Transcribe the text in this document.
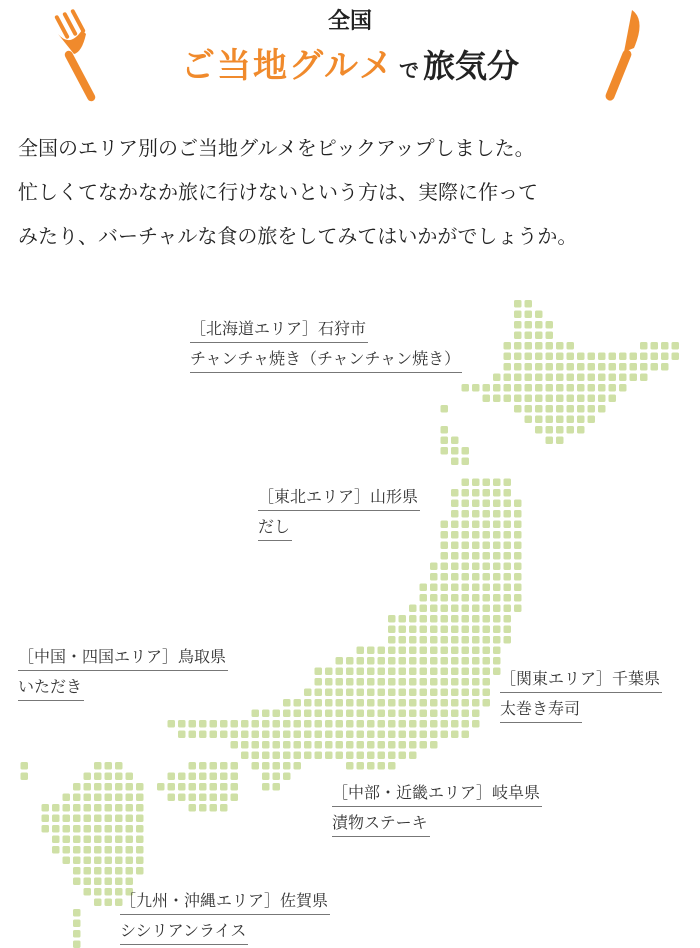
全国
ご当地グルメ で 旅気分

全国のエリア別のご当地グルメをピックアップしました。

忙しくてなかなか旅に行けないという方は、実際に作って

みたり、バーチャルな食の旅をしてみてはいかがでしょうか。

［北海道エリア］石狩市
チャンチャ焼き（チャンチャン焼き）
［東北エリア］山形県
だし
［中国・四国エリア］鳥取県
いただき	［関東エリア］千葉県
太巻き寿司
［中部・近畿エリア］岐阜県
漬物ステーキ
［九州・沖縄エリア］佐賀県
シシリアンライス
